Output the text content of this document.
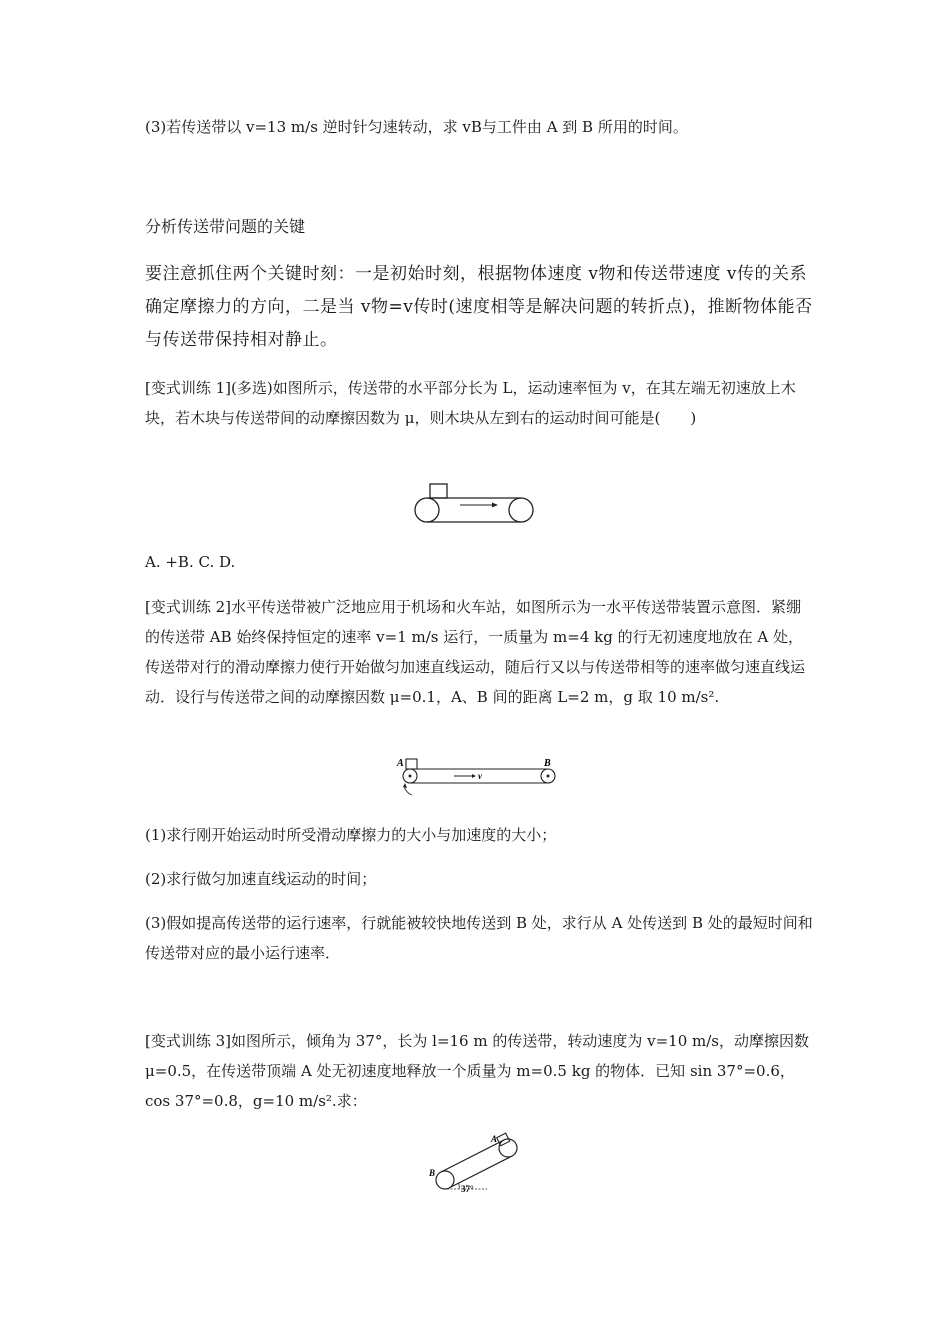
(3)若传送带以 v=13 m/s 逆时针匀速转动，求 vB与工件由 A 到 B 所用的时间。

分析传送带问题的关键

要注意抓住两个关键时刻：一是初始时刻，根据物体速度 v物和传送带速度 v传的关系确定摩擦力的方向，二是当 v物=v传时(速度相等是解决问题的转折点)，推断物体能否与传送带保持相对静止。

[变式训练 1](多选)如图所示，传送带的水平部分长为 L，运动速率恒为 v，在其左端无初速放上木块，若木块与传送带间的动摩擦因数为 μ，则木块从左到右的运动时间可能是(　　)

A. +B. C. D.

[变式训练 2]水平传送带被广泛地应用于机场和火车站，如图所示为一水平传送带装置示意图．紧绷的传送带 AB 始终保持恒定的速率 v=1 m/s 运行，一质量为 m=4 kg 的行无初速度地放在 A 处，传送带对行的滑动摩擦力使行开始做匀加速直线运动，随后行又以与传送带相等的速率做匀速直线运动．设行与传送带之间的动摩擦因数 μ=0.1，A、B 间的距离 L=2 m，g 取 10 m/s².

A	B
v

(1)求行刚开始运动时所受滑动摩擦力的大小与加速度的大小；

(2)求行做匀加速直线运动的时间；

(3)假如提高传送带的运行速率，行就能被较快地传送到 B 处，求行从 A 处传送到 B 处的最短时间和传送带对应的最小运行速率．

[变式训练 3]如图所示，倾角为 37°，长为 l=16 m 的传送带，转动速度为 v=10 m/s，动摩擦因数 μ=0.5，在传送带顶端 A 处无初速度地释放一个质量为 m=0.5 kg 的物体．已知 sin 37°=0.6，cos 37°=0.8，g=10 m/s².求：

A
B
37°
